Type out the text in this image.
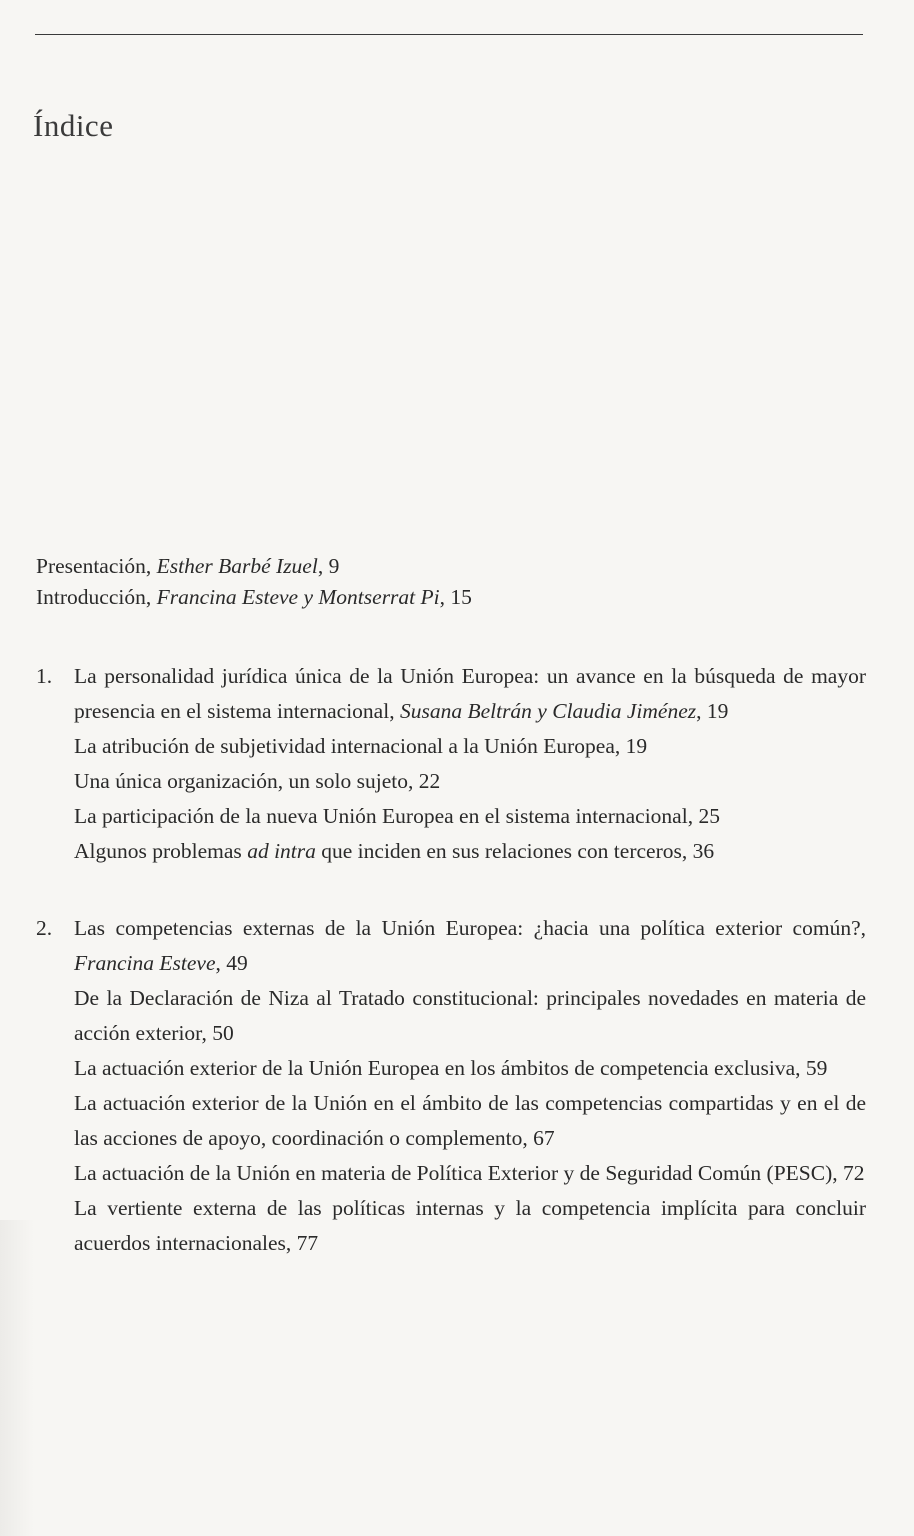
Índice
Presentación, Esther Barbé Izuel, 9
Introducción, Francina Esteve y Montserrat Pi, 15
1. La personalidad jurídica única de la Unión Europea: un avance en la búsqueda de mayor presencia en el sistema internacional, Susana Beltrán y Claudia Jiménez, 19
La atribución de subjetividad internacional a la Unión Europea, 19
Una única organización, un solo sujeto, 22
La participación de la nueva Unión Europea en el sistema internacional, 25
Algunos problemas ad intra que inciden en sus relaciones con terceros, 36
2. Las competencias externas de la Unión Europea: ¿hacia una política exterior común?, Francina Esteve, 49
De la Declaración de Niza al Tratado constitucional: principales novedades en materia de acción exterior, 50
La actuación exterior de la Unión Europea en los ámbitos de competencia exclusiva, 59
La actuación exterior de la Unión en el ámbito de las competencias compartidas y en el de las acciones de apoyo, coordinación o complemento, 67
La actuación de la Unión en materia de Política Exterior y de Seguridad Común (PESC), 72
La vertiente externa de las políticas internas y la competencia implícita para concluir acuerdos internacionales, 77
